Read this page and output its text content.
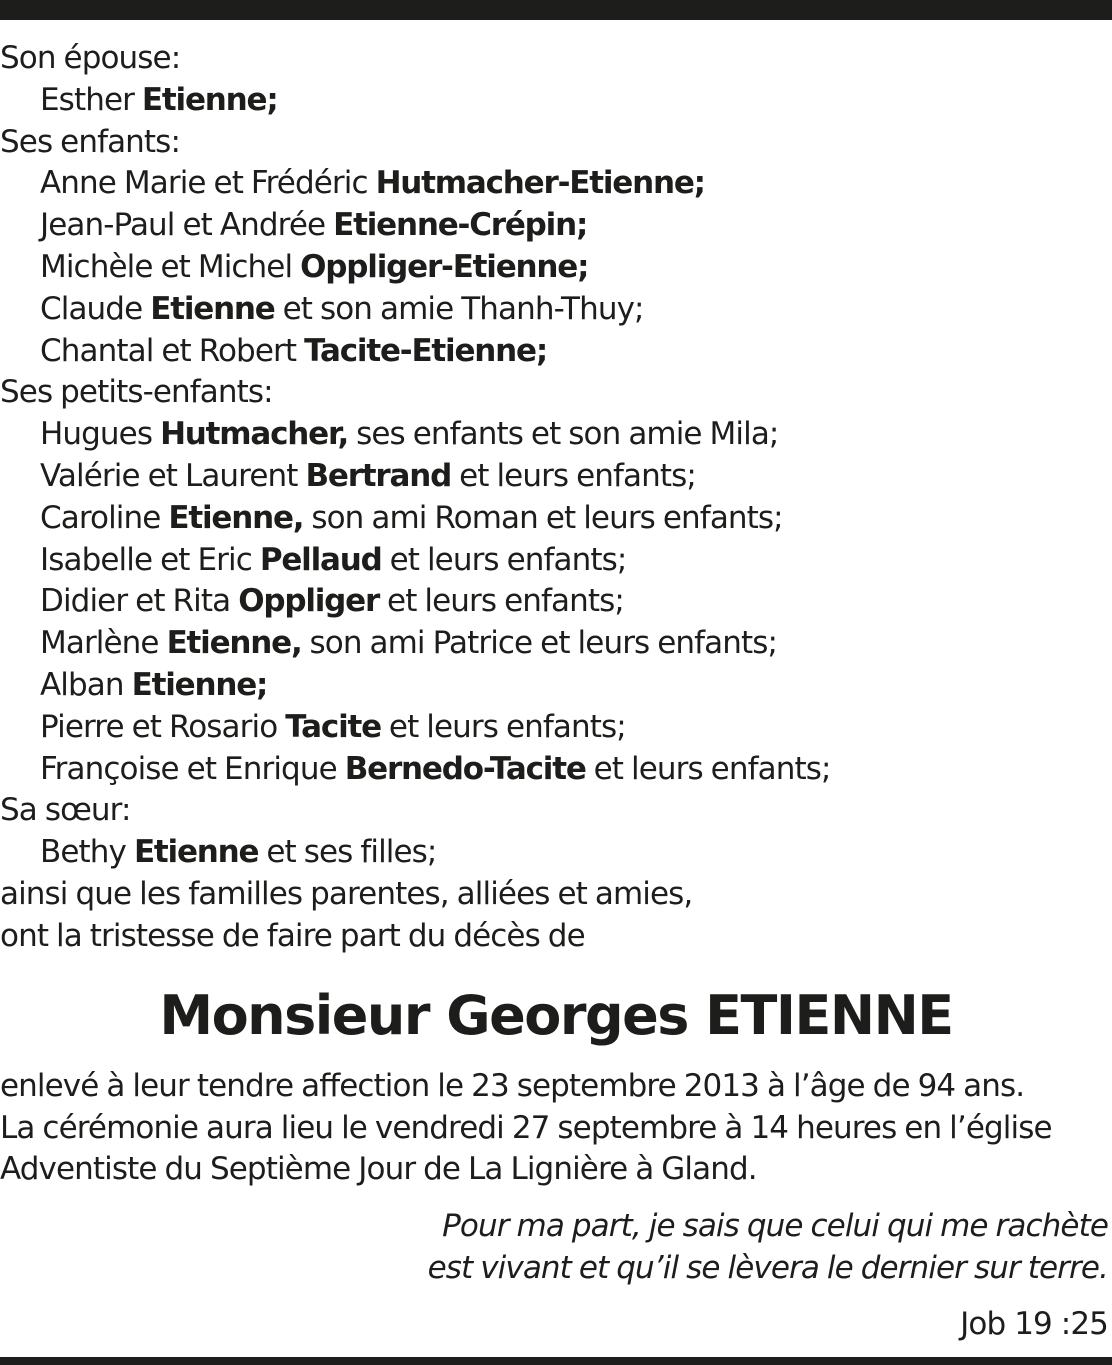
Son épouse:
Esther Etienne;
Ses enfants:
Anne Marie et Frédéric Hutmacher-Etienne;
Jean-Paul et Andrée Etienne-Crépin;
Michèle et Michel Oppliger-Etienne;
Claude Etienne et son amie Thanh-Thuy;
Chantal et Robert Tacite-Etienne;
Ses petits-enfants:
Hugues Hutmacher, ses enfants et son amie Mila;
Valérie et Laurent Bertrand et leurs enfants;
Caroline Etienne, son ami Roman et leurs enfants;
Isabelle et Eric Pellaud et leurs enfants;
Didier et Rita Oppliger et leurs enfants;
Marlène Etienne, son ami Patrice et leurs enfants;
Alban Etienne;
Pierre et Rosario Tacite et leurs enfants;
Françoise et Enrique Bernedo-Tacite et leurs enfants;
Sa sœur:
Bethy Etienne et ses filles;
ainsi que les familles parentes, alliées et amies,
ont la tristesse de faire part du décès de
Monsieur Georges ETIENNE
enlevé à leur tendre affection le 23 septembre 2013 à l’âge de 94 ans.
La cérémonie aura lieu le vendredi 27 septembre à 14 heures en l’église
Adventiste du Septième Jour de La Lignière à Gland.
Pour ma part, je sais que celui qui me rachète
est vivant et qu’il se lèvera le dernier sur terre.
Job 19 :25
